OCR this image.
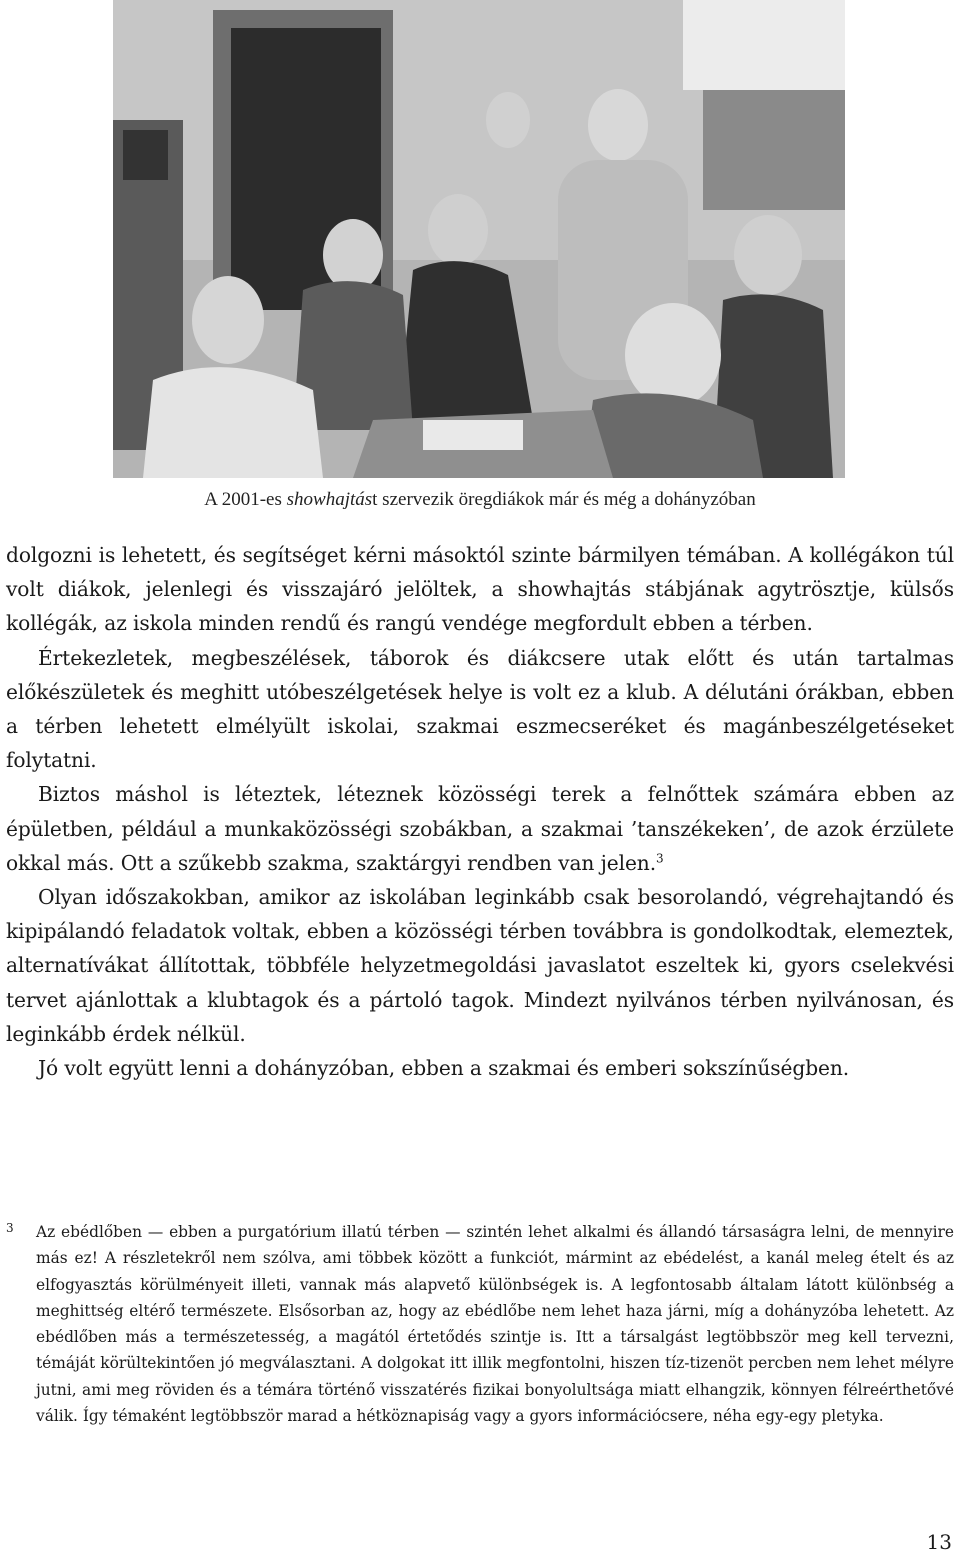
A 2001-es showhajtást szervezik öregdiákok már és még a dohányzóban

dolgozni is lehetett, és segítséget kérni másoktól szinte bármilyen témában. A kollégákon túl volt diákok, jelenlegi és visszajáró jelöltek, a showhajtás stábjának agytrösztje, külsős kollégák, az iskola minden rendű és rangú vendége megfordult ebben a térben.

Értekezletek, megbeszélések, táborok és diákcsere utak előtt és után tartalmas előkészületek és meghitt utóbeszélgetések helye is volt ez a klub. A délutáni órákban, ebben a térben lehetett elmélyült iskolai, szakmai eszmecseréket és magánbeszélgetéseket folytatni.

Biztos máshol is léteztek, léteznek közösségi terek a felnőttek számára ebben az épületben, például a munkaközösségi szobákban, a szakmai ’tanszékeken’, de azok érzülete okkal más. Ott a szűkebb szakma, szaktárgyi rendben van jelen.$^3$

Olyan időszakokban, amikor az iskolában leginkább csak besorolandó, végrehajtandó és kipipálandó feladatok voltak, ebben a közösségi térben továbbra is gondolkodtak, elemeztek, alternatívákat állítottak, többféle helyzetmegoldási javaslatot eszeltek ki, gyors cselekvési tervet ajánlottak a klubtagok és a pártoló tagok. Mindezt nyilvános térben nyilvánosan, és leginkább érdek nélkül.

Jó volt együtt lenni a dohányzóban, ebben a szakmai és emberi sokszínűségben.

3	Az ebédlőben — ebben a purgatórium illatú térben — szintén lehet alkalmi és állandó társaságra lelni, de mennyire más ez! A részletekről nem szólva, ami többek között a funkciót, mármint az ebédelést, a kanál meleg ételt és az elfogyasztás körülményeit illeti, vannak más alapvető különbségek is. A legfontosabb általam látott különbség a meghittség eltérő természete. Elsősorban az, hogy az ebédlőbe nem lehet haza járni, míg a dohányzóba lehetett. Az ebédlőben más a természetesség, a magától értetődés szintje is. Itt a társalgást legtöbbször meg kell tervezni, témáját körültekintően jó megválasztani. A dolgokat itt illik megfontolni, hiszen tíz-tizenöt percben nem lehet mélyre jutni, ami meg röviden és a témára történő visszatérés fizikai bonyolultsága miatt elhangzik, könnyen félreérthetővé válik. Így témaként legtöbbször marad a hétköznapiság vagy a gyors információcsere, néha egy-egy pletyka.
13
